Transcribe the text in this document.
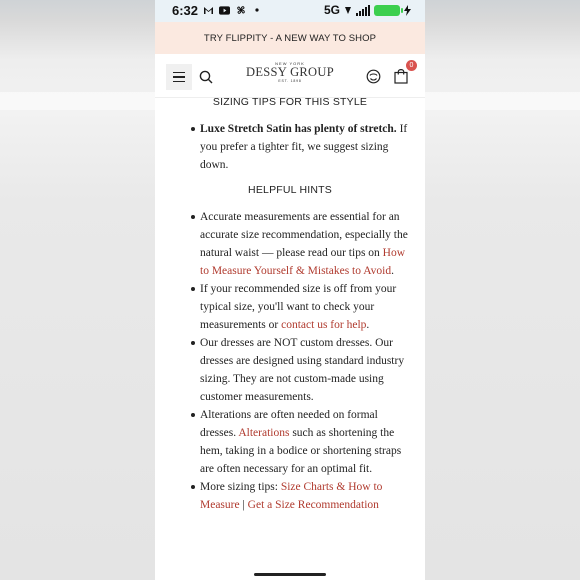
6:32	5G
TRY FLIPPITY - A NEW WAY TO SHOP
NEW YORK
DESSY GROUP
EST. 1898
0
SIZING TIPS FOR THIS STYLE
Luxe Stretch Satin has plenty of stretch. If you prefer a tighter fit, we suggest sizing down.
HELPFUL HINTS
Accurate measurements are essential for an accurate size recommendation, especially the natural waist — please read our tips on How to Measure Yourself & Mistakes to Avoid.
If your recommended size is off from your typical size, you'll want to check your measurements or contact us for help.
Our dresses are NOT custom dresses. Our dresses are designed using standard industry sizing. They are not custom-made using customer measurements.
Alterations are often needed on formal dresses. Alterations such as shortening the hem, taking in a bodice or shortening straps are often necessary for an optimal fit.
More sizing tips: Size Charts & How to Measure | Get a Size Recommendation
